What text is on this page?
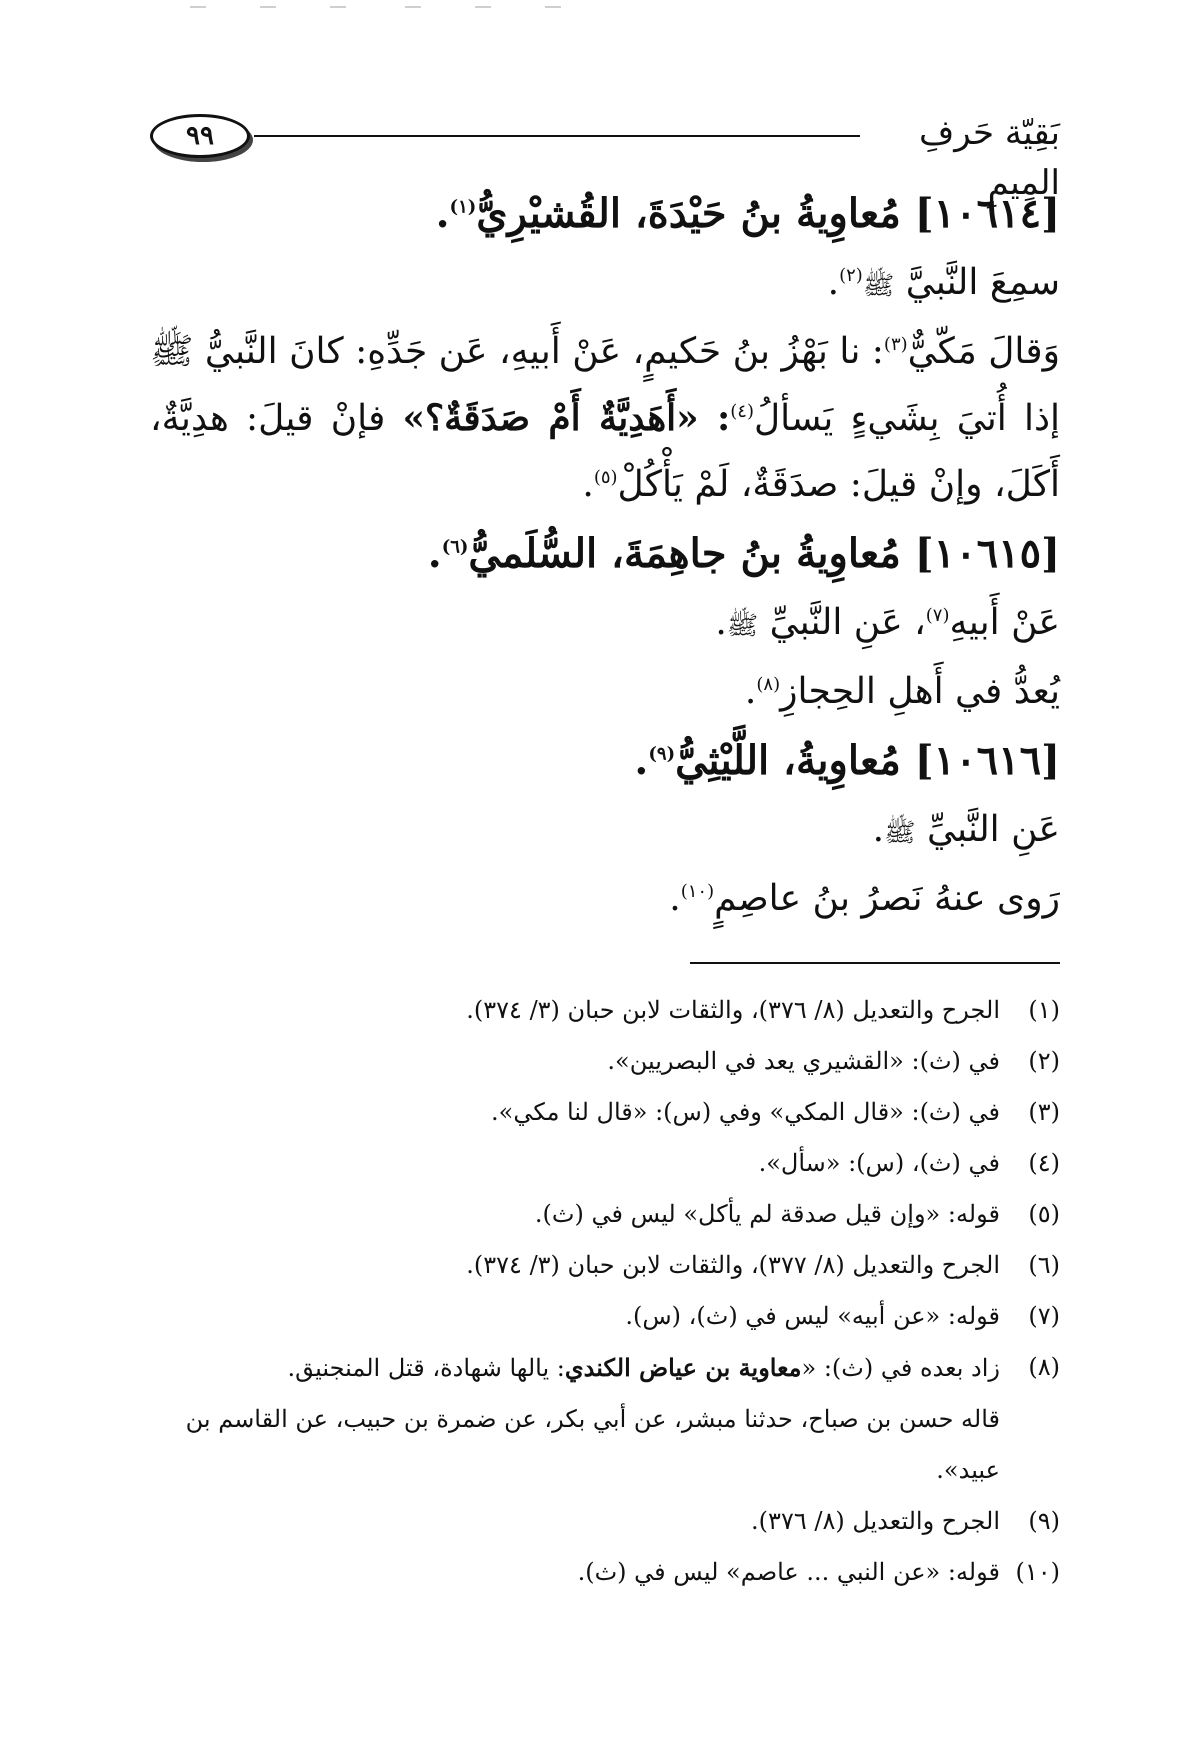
٩٩	بَقِيّة حَرفِ المِيمِ

[١٠٦١٤] مُعاوِيةُ بنُ حَيْدَةَ، القُشيْرِيُّ$^{(١)}$.

سمِعَ النَّبيَّ ﷺ$^{(٢)}$.

وَقالَ مَكّيٌّ$^{(٣)}$: نا بَهْزُ بنُ حَكيمٍ، عَنْ أَبيهِ، عَن جَدِّهِ: كانَ النَّبيُّ ﷺ إذا أُتيَ بِشَيءٍ يَسألُ$^{(٤)}$: «أَهَدِيَّةٌ أَمْ صَدَقَةٌ؟» فإنْ قيلَ: هدِيَّةٌ، أَكَلَ، وإنْ قيلَ: صدَقَةٌ، لَمْ يَأْكُلْ$^{(٥)}$.

[١٠٦١٥] مُعاوِيةُ بنُ جاهِمَةَ، السُّلَميُّ$^{(٦)}$.

عَنْ أَبيهِ$^{(٧)}$، عَنِ النَّبيِّ ﷺ.

يُعدُّ في أَهلِ الحِجازِ$^{(٨)}$.

[١٠٦١٦] مُعاوِيةُ، اللَّيْثِيُّ$^{(٩)}$.

عَنِ النَّبيِّ ﷺ.

رَوى عنهُ نَصرُ بنُ عاصِمٍ$^{(١٠)}$.

(١)
الجرح والتعديل (٨/ ٣٧٦)، والثقات لابن حبان (٣/ ٣٧٤).
(٢)
في (ث): «القشيري يعد في البصريين».
(٣)
في (ث): «قال المكي» وفي (س): «قال لنا مكي».
(٤)
في (ث)، (س): «سأل».
(٥)
قوله: «وإن قيل صدقة لم يأكل» ليس في (ث).
(٦)
الجرح والتعديل (٨/ ٣٧٧)، والثقات لابن حبان (٣/ ٣٧٤).
(٧)
قوله: «عن أبيه» ليس في (ث)، (س).
(٨)
زاد بعده في (ث): «معاوية بن عياض الكندي: يالها شهادة، قتل المنجنيق.
قاله حسن بن صباح، حدثنا مبشر، عن أبي بكر، عن ضمرة بن حبيب، عن القاسم بن
عبيد».
(٩)
الجرح والتعديل (٨/ ٣٧٦).
(١٠)
قوله: «عن النبي ... عاصم» ليس في (ث).
